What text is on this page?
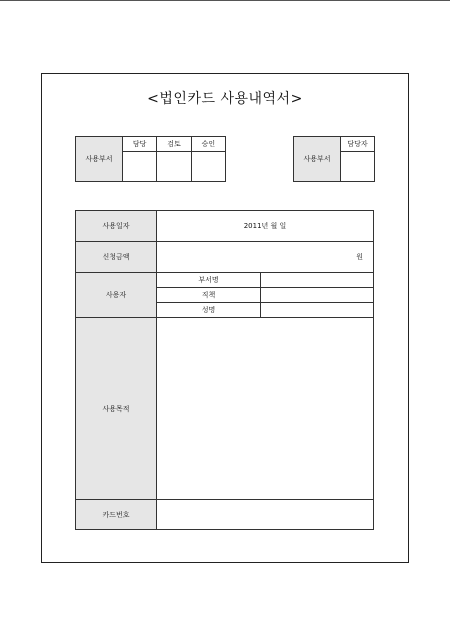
<법인카드 사용내역서>
사용부서	담당	검토	승인

사용부서	담당자

사용일자	2011년 월 일	
신청금액	원	
사용자	부서명	
	직책	
	성명	
사용목적		
카드번호		
